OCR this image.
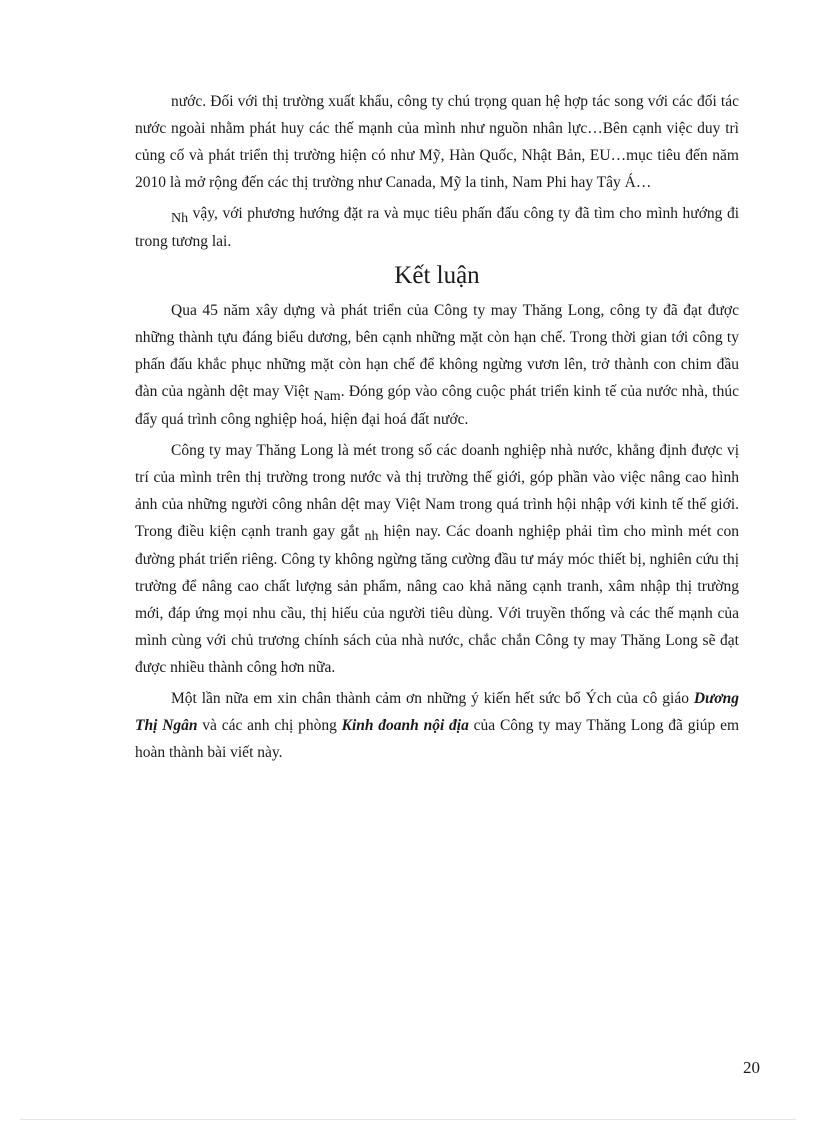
nước. Đối với thị trường xuất khẩu, công ty chú trọng quan hệ hợp tác song với các đối tác nước ngoài nhằm phát huy các thế mạnh của mình như nguồn nhân lực…Bên cạnh việc duy trì củng cố và phát triển thị trường hiện có như Mỹ, Hàn Quốc, Nhật Bản, EU…mục tiêu đến năm 2010 là mở rộng đến các thị trường như Canada, Mỹ la tinh, Nam Phi hay Tây Á…

Nh vậy, với phương hướng đặt ra và mục tiêu phấn đấu công ty đã tìm cho mình hướng đi trong tương lai.

Kết luận

Qua 45 năm xây dựng và phát triển của Công ty may Thăng Long, công ty đã đạt được những thành tựu đáng biểu dương, bên cạnh những mặt còn hạn chế. Trong thời gian tới công ty phấn đấu khắc phục những mặt còn hạn chế để không ngừng vươn lên, trở thành con chim đầu đàn của ngành dệt may Việt Nam. Đóng góp vào công cuộc phát triển kinh tế của nước nhà, thúc đẩy quá trình công nghiệp hoá, hiện đại hoá đất nước.

Công ty may Thăng Long là mét trong số các doanh nghiệp nhà nước, khẳng định được vị trí của mình trên thị trường trong nước và thị trường thế giới, góp phần vào việc nâng cao hình ảnh của những người công nhân dệt may Việt Nam trong quá trình hội nhập với kinh tế thế giới. Trong điều kiện cạnh tranh gay gắt nh hiện nay. Các doanh nghiệp phải tìm cho mình mét con đường phát triển riêng. Công ty không ngừng tăng cường đầu tư máy móc thiết bị, nghiên cứu thị trường để nâng cao chất lượng sản phẩm, nâng cao khả năng cạnh tranh, xâm nhập thị trường mới, đáp ứng mọi nhu cầu, thị hiếu của người tiêu dùng. Với truyền thống và các thế mạnh của mình cùng với chủ trương chính sách của nhà nước, chắc chắn Công ty may Thăng Long sẽ đạt được nhiều thành công hơn nữa.

Một lần nữa em xin chân thành cảm ơn những ý kiến hết sức bổ Ých của cô giáo Dương Thị Ngân và các anh chị phòng Kinh đoanh nội địa của Công ty may Thăng Long đã giúp em hoàn thành bài viết này.

20
